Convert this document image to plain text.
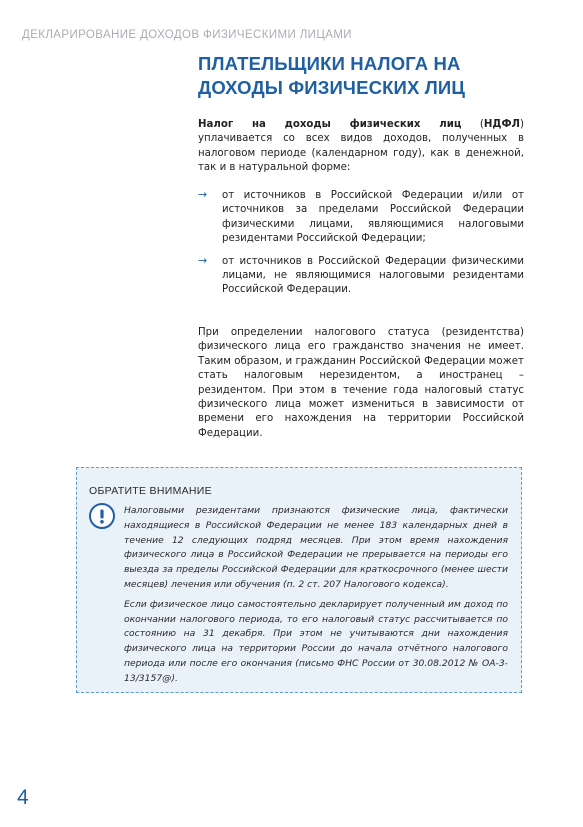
ДЕКЛАРИРОВАНИЕ ДОХОДОВ ФИЗИЧЕСКИМИ ЛИЦАМИ
ПЛАТЕЛЬЩИКИ НАЛОГА НА ДОХОДЫ ФИЗИЧЕСКИХ ЛИЦ

Налог на доходы физических лиц (НДФЛ) уплачивается со всех видов доходов, полученных в налоговом периоде (календарном году), как в денежной, так и в натуральной форме:

→ от источников в Российской Федерации и/или от источников за пределами Российской Федерации физическими лицами, являющимися налоговыми резидентами Российской Федерации;
→ от источников в Российской Федерации физическими лицами, не являющимися налоговыми резидентами Российской Федерации.

При определении налогового статуса (резидентства) физического лица его гражданство значения не имеет. Таким образом, и гражданин Российской Федерации может стать налоговым нерезидентом, а иностранец – резидентом. При этом в течение года налоговый статус физического лица может измениться в зависимости от времени его нахождения на территории Российской Федерации.

ОБРАТИТЕ ВНИМАНИЕ

Налоговыми резидентами признаются физические лица, фактически находящиеся в Российской Федерации не менее 183 календарных дней в течение 12 следующих подряд месяцев. При этом время нахождения физического лица в Российской Федерации не прерывается на периоды его выезда за пределы Российской Федерации для краткосрочного (менее шести месяцев) лечения или обучения (п. 2 ст. 207 Налогового кодекса).

Если физическое лицо самостоятельно декларирует полученный им доход по окончании налогового периода, то его налоговый статус рассчитывается по состоянию на 31 декабря. При этом не учитываются дни нахождения физического лица на территории России до начала отчётного налогового периода или после его окончания (письмо ФНС России от 30.08.2012 № ОА-3-13/3157@).

4
